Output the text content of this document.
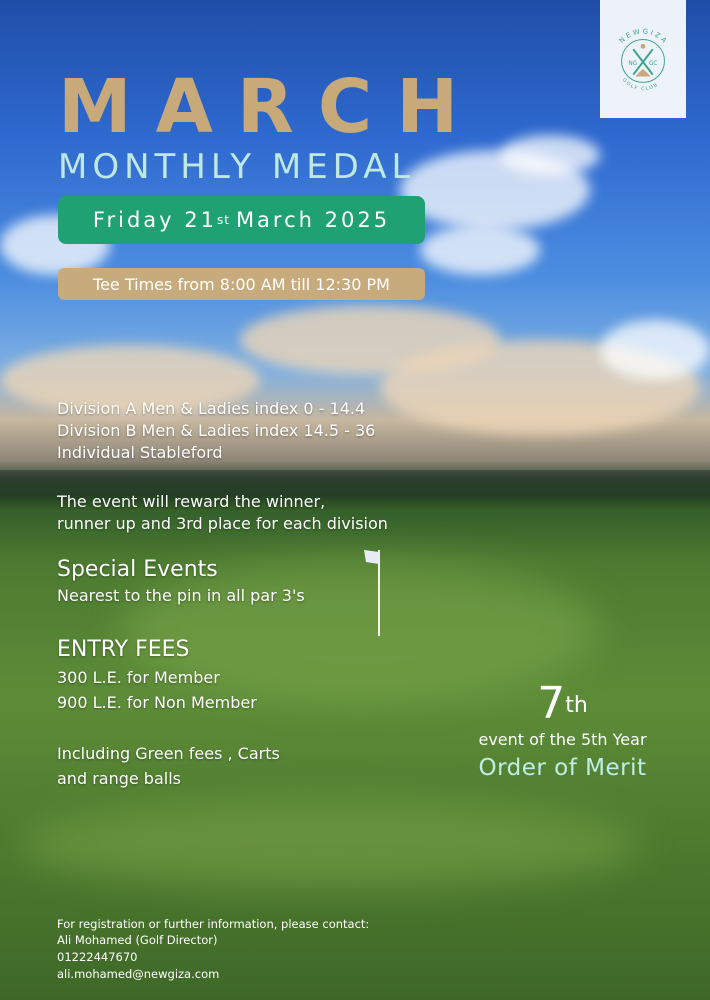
NEWGIZA
GOLF CLUB
NG GC
MARCH
MONTHLY MEDAL
Friday 21 st March 2025
Tee Times from 8:00 AM till 12:30 PM
Division A Men & Ladies index 0 - 14.4
Division B Men & Ladies index 14.5 - 36
Individual Stableford
The event will reward the winner,
runner up and 3rd place for each division
Special Events
Nearest to the pin in all par 3's
ENTRY FEES
300 L.E. for Member
900 L.E. for Non Member
Including Green fees , Carts
and range balls
7th
event of the 5th Year
Order of Merit
For registration or further information, please contact:
Ali Mohamed (Golf Director)
01222447670
ali.mohamed@newgiza.com
